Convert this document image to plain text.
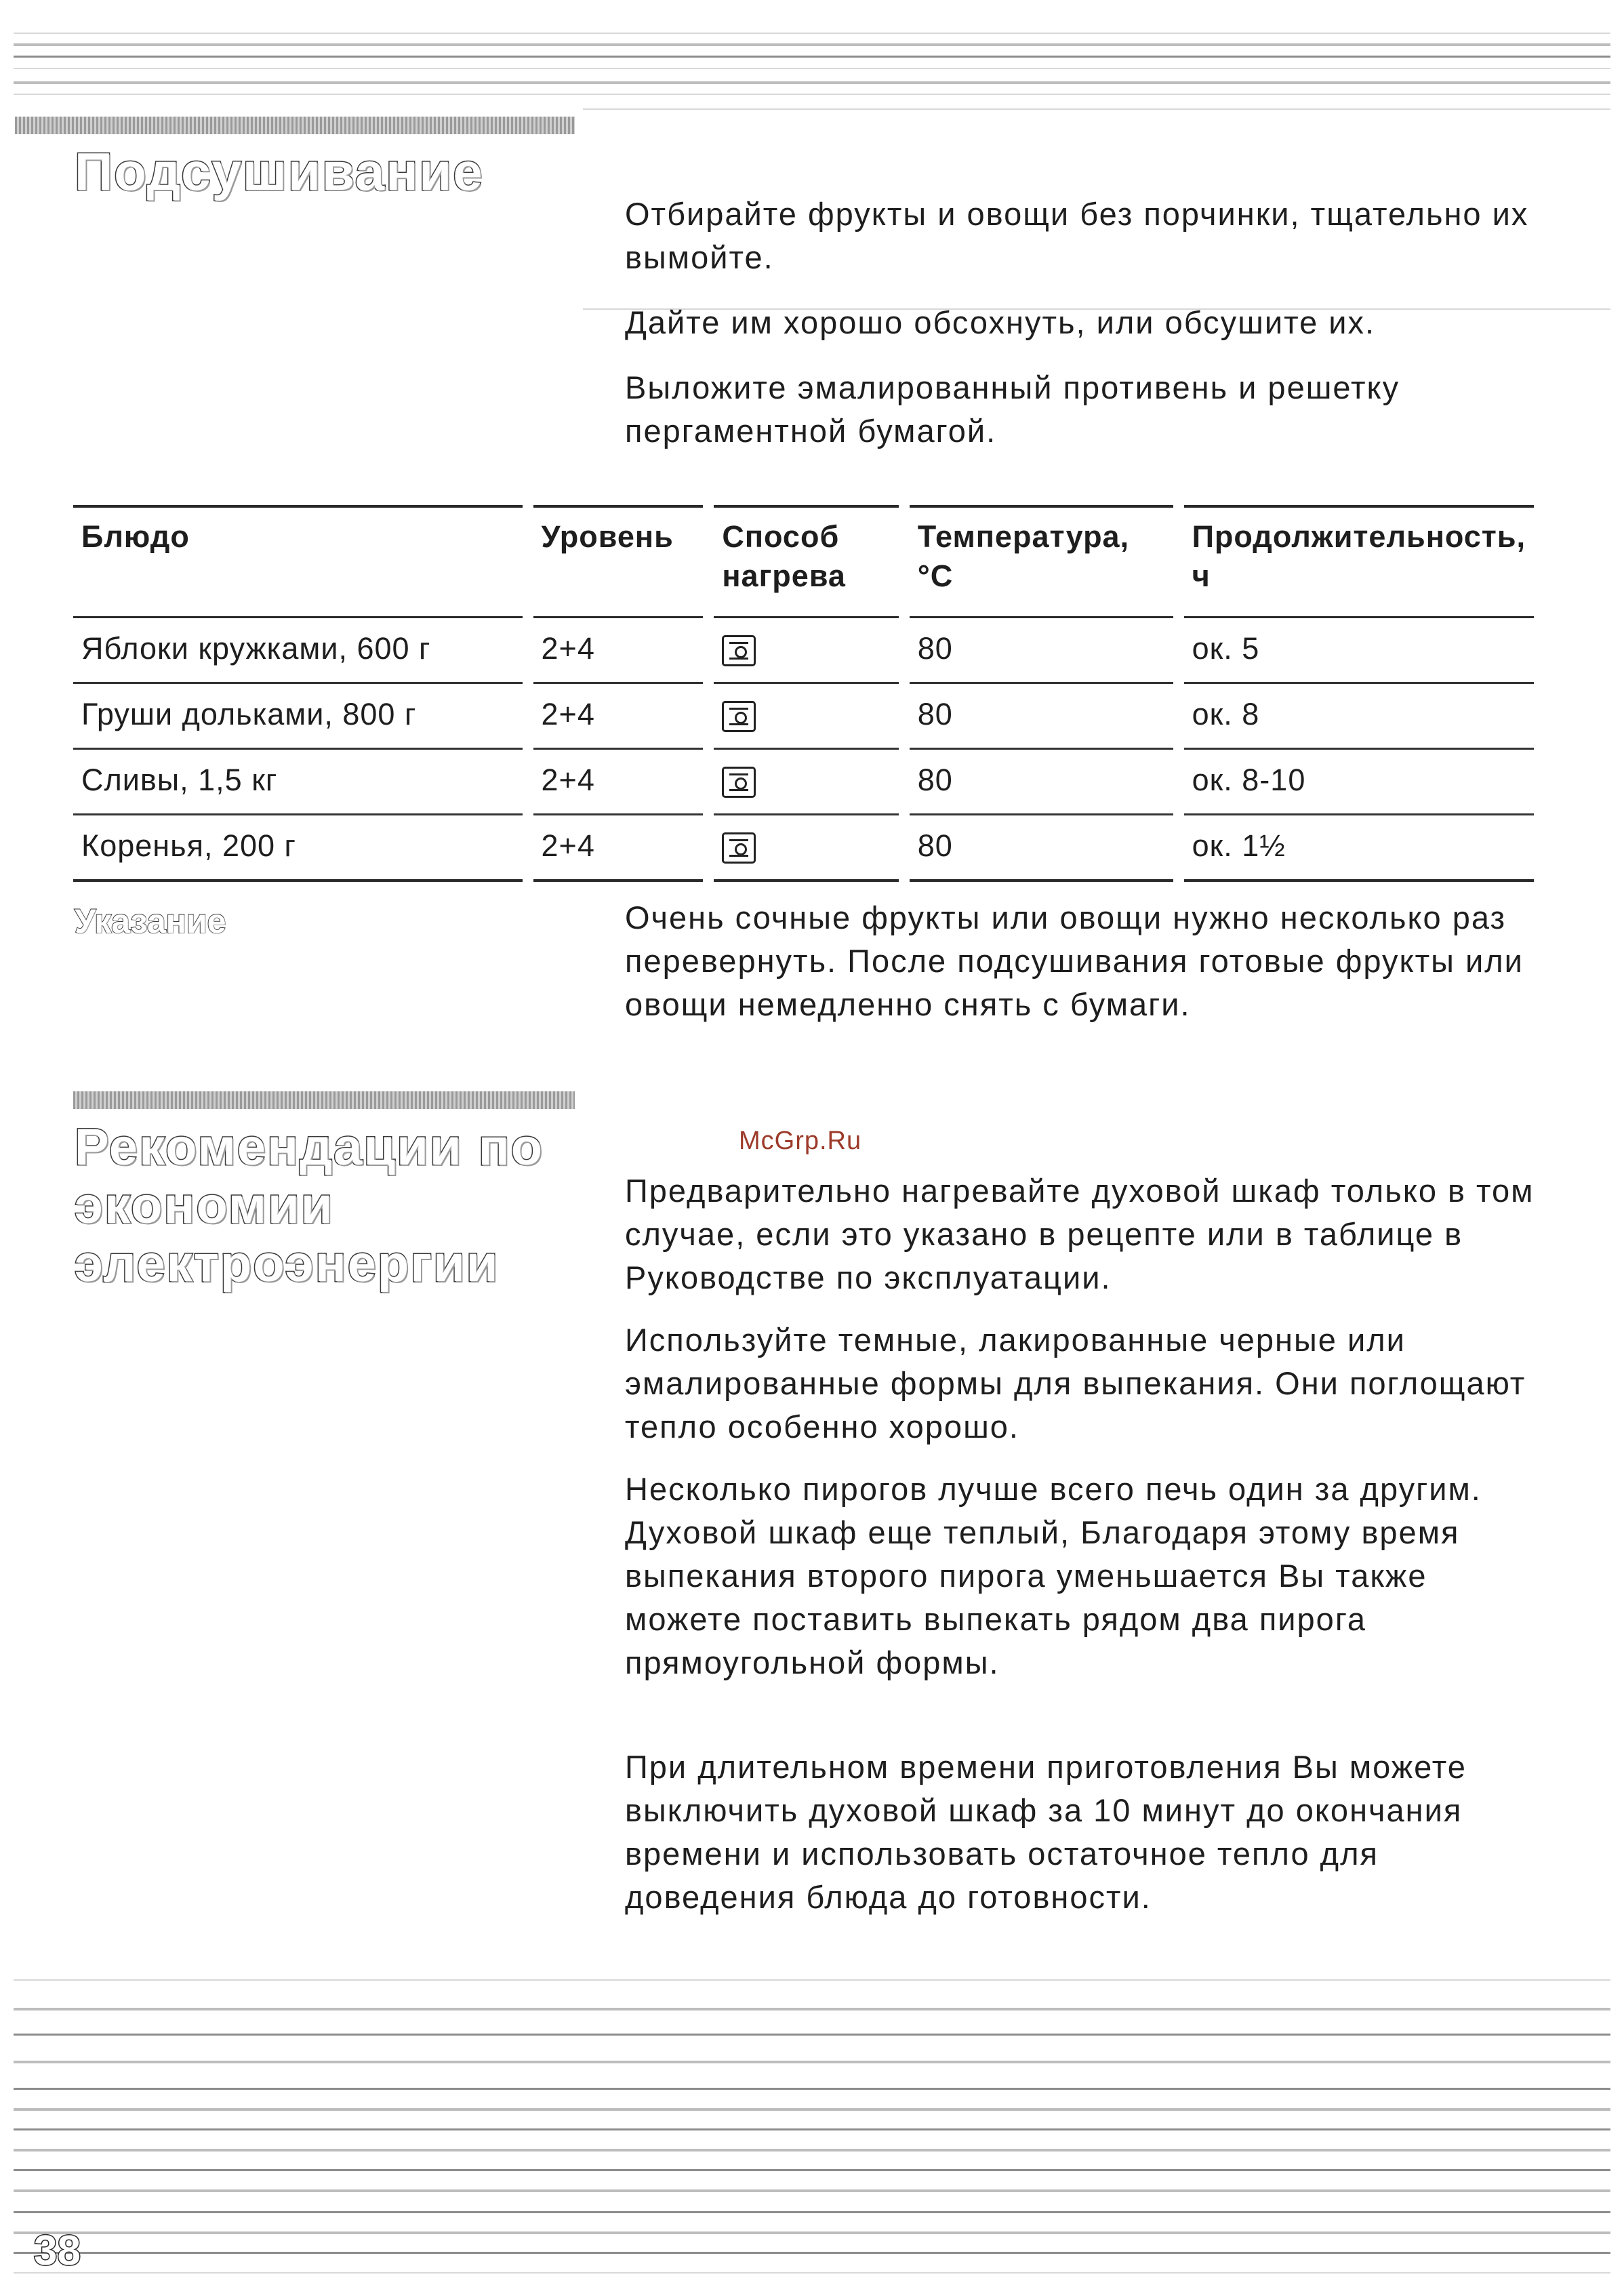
Подсушивание

Отбирайте фрукты и овощи без порчинки, тщательно их вымойте.

Дайте им хорошо обсохнуть, или обсушите их.

Выложите эмалированный противень и решетку пергаментной бумагой.

Блюдо	Уровень	Способ нагрева	Температура, °C	Продолжительность, ч
Яблоки кружками, 600 г	2+4		80	ок. 5
Груши дольками, 800 г	2+4		80	ок. 8
Сливы, 1,5 кг	2+4		80	ок. 8-10
Коренья, 200 г	2+4		80	ок. 1½
Указание	Очень сочные фрукты или овощи нужно несколько раз перевернуть. После подсушивания готовые фрукты или овощи немедленно снять с бумаги.

Рекомендации по экономии электроэнергии
McGrp.Ru

Предварительно нагревайте духовой шкаф только в том случае, если это указано в рецепте или в таблице в Руководстве по эксплуатации.

Используйте темные, лакированные черные или эмалированные формы для выпекания. Они поглощают тепло особенно хорошо.

Несколько пирогов лучше всего печь один за другим. Духовой шкаф еще теплый, Благодаря этому время выпекания второго пирога уменьшается Вы также можете поставить выпекать рядом два пирога прямоугольной формы.

При длительном времени приготовления Вы можете выключить духовой шкаф за 10 минут до окончания времени и использовать остаточное тепло для доведения блюда до готовности.

38
